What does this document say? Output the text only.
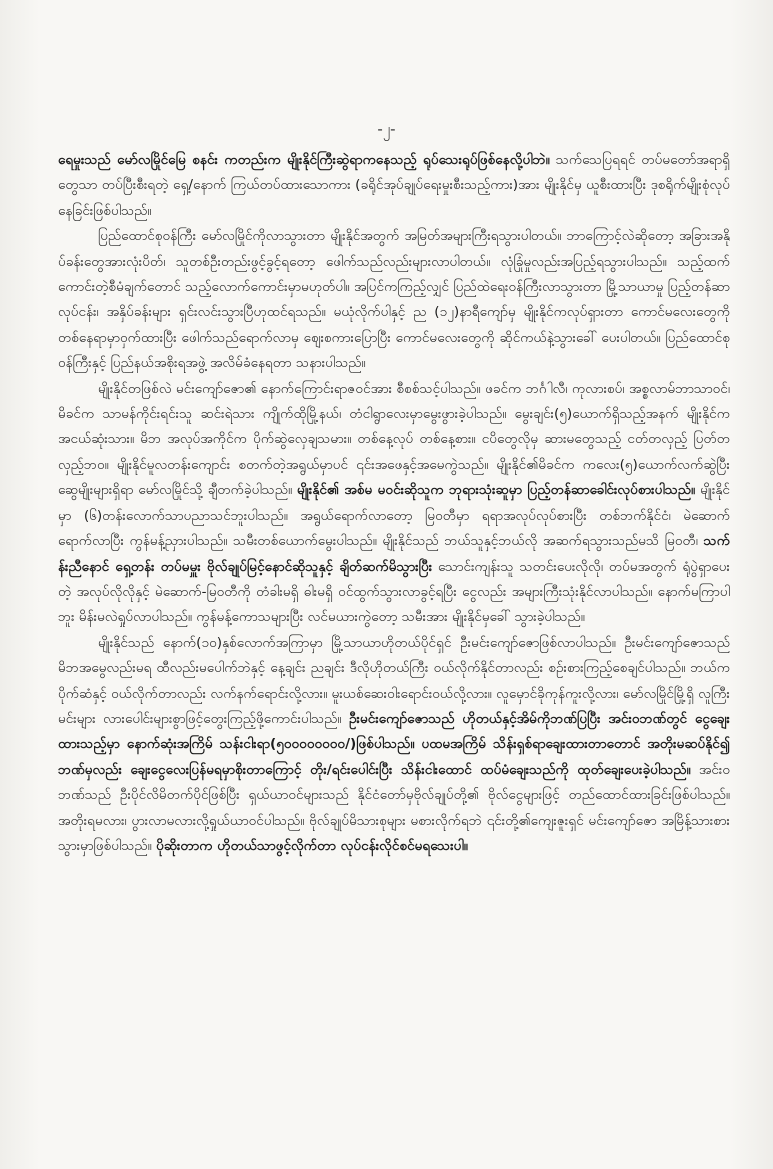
-၂-

ရေမှုးသည် မော်လမြိုင်မြေ စနင်း ကတည်းက မျိုးနိုင်ကြီးဆွဲရာကနေသည့် ရုပ်သေးရုပ်ဖြစ်နေလို့ပါဘဲ။ သက်သေပြရရင် တပ်မတော်အရာရှိတွေသာ တပ်ပြီးစီးရတဲ့ ရှေ့/နောက် ကြယ်တပ်ထားသောကား (ခရိုင်အုပ်ချုပ်ရေးမှုးစီးသည့်ကား)အား မျိုးနိုင်မှ ယူစီးထားပြီး ဒုစရိုက်မျိုးစုံလုပ်နေခြင်းဖြစ်ပါသည်။

ပြည်ထောင်စုဝန်ကြီး မော်လမြိုင်ကိုလာသွားတာ မျိုးနိုင်အတွက် အမြတ်အများကြီးရသွားပါတယ်။ ဘာကြောင့်လဲဆိုတော့ အခြားအနိုပ်ခန်းတွေအားလုံးပိတ်၊ သူတစ်ဦးတည်းဖွင့်ခွင့်ရတော့ ဖေါက်သည်လည်းများလာပါတယ်။ လုံခြုံမှုလည်းအပြည့်ရသွားပါသည်။ သည့်ထက်ကောင်းတဲ့စီမံချက်တောင် သည့်လောက်ကောင်းမှာမဟုတ်ပါ။ အပြင်ကကြည့်လျှင် ပြည်ထဲရေးဝန်ကြီးလာသွားတာ မြို့သာယာမှု ပြည့်တန်ဆာလုပ်ငန်း၊ အနှိပ်ခန်းများ ရှင်းလင်းသွားပြီဟုထင်ရသည်။ မယုံလိုက်ပါနှင့် ည (၁၂)နာရီကျော်မှ မျိုးနိုင်ကလုပ်ရှားတာ ကောင်မလေးတွေကို တစ်နေရာမှာဝှက်ထားပြီး ဖေါက်သည်ရောက်လာမှ ဈေးစကားပြောပြီး ကောင်မလေးတွေကို ဆိုင်ကယ်နဲ့သွားခေါ် ပေးပါတယ်။ ပြည်ထောင်စုဝန်ကြီးနှင့် ပြည်နယ်အစိုးရအဖွဲ့ အလိမ်ခံနေရတာ သနားပါသည်။

မျိုးနိုင်တဖြစ်လဲ မင်းကျော်ဇော၏ နောက်ကြောင်းရာဇဝင်အား စီစစ်သင့်ပါသည်။ ဖခင်က ဘင်္ဂါလီ၊ ကုလားစပ်၊ အစ္စလာမ်ဘာသာဝင်၊ မိခင်က သာမန်ကိုင်းရင်းသူ ဆင်းရဲသား ကျိုက်ထိုမြို့နယ်၊ တံငါရွာလေးမှာမွေးဖွားခဲ့ပါသည်။ မွေးချင်း(၅)ယောက်ရှိသည့်အနက် မျိုးနိုင်က အငယ်ဆုံးသား။ မိဘ အလုပ်အကိုင်က ပိုက်ဆွဲလှေချသမား။ တစ်နေ့လုပ် တစ်နေ့စား။ ငပိတွေလိုမှ ဆားမတွေသည့် ငတ်တလှည့် ပြတ်တလှည့်ဘဝ။ မျိုးနိုင်မူလတန်းကျောင်း စတက်တဲ့အရွယ်မှာပင် ၎င်းအဖေနှင့်အမေကွဲသည်။ မျိုးနိုင်၏မိခင်က ကလေး(၅)ယောက်လက်ဆွဲပြီး ဆွေမျိုးများရှိရာ မော်လမြိုင်သို့ ချီတက်ခဲ့ပါသည်။ မျိုးနိုင်၏ အစ်မ မဝင်းဆိုသူက ဘုရားသုံးဆူမှာ ပြည့်တန်ဆာခေါင်းလုပ်စားပါသည်။ မျိုးနိုင်မှာ (၆)တန်းလောက်သာပညာသင်ဘူးပါသည်။ အရွယ်ရောက်လာတော့ မြဝတီမှာ ရရာအလုပ်လုပ်စားပြီး တစ်ဘက်နိုင်ငံ၊ မဲဆောက်ရောက်လာပြီး ကွန်မန့်ညှားပါသည်။ သမီးတစ်ယောက်မွေးပါသည်။ မျိုးနိုင်သည် ဘယ်သူနှင့်ဘယ်လို အဆက်ရသွားသည်မသိ မြဝတီ၊ သက်န်းညီနောင် ရှေ့တန်း တပ်မမှူး ဗိုလ်ချုပ်မြင့်နောင်ဆိုသူနှင့် ချိတ်ဆက်မိသွားပြီး သောင်းကျန်းသူ သတင်းပေးလိုလို၊ တပ်မအတွက် ရုံပွဲရှာပေးတဲ့ အလုပ်လိုလိုနှင့် မဲဆောက်-မြဝတီကို တံခါးမရှိ ဓါးမရှိ ဝင်ထွက်သွားလာခွင့်ရပြီး ငွေလည်း အများကြီးသုံးနိုင်လာပါသည်။ နောက်မကြာပါဘူး မိန်းမလဲရှုပ်လာပါသည်။ ကွန်မန့်ကောသများပြီး လင်မယားကွဲတော့ သမီးအား မျိုးနိုင်မှခေါ် သွားခဲ့ပါသည်။

မျိုးနိုင်သည် နောက်(၁၀)နှစ်လောက်အကြာမှာ မြို့သာယာဟိုတယ်ပိုင်ရှင် ဦးမင်းကျော်ဇောဖြစ်လာပါသည်။ ဦးမင်းကျော်ဇောသည် မိဘအမွေလည်းမရ ထီလည်းမပေါက်ဘဲနှင့် နေ့ချင်း ညချင်း ဒီလိုဟိုတယ်ကြီး ဝယ်လိုက်နိုင်တာလည်း စဉ်းစားကြည့်စေချင်ပါသည်။ ဘယ်ကပိုက်ဆံနှင့် ဝယ်လိုက်တာလည်း လက်နက်ရောင်းလို့လား။ မူးယစ်ဆေးဝါးရောင်းဝယ်လို့လား။ လူမှောင်ခိုကုန်ကူးလို့လား၊ မော်လမြိုင်မြို့ရှိ လူကြီးမင်းများ လားပေါင်းများစွာဖြင့်တွေးကြည့်ဖို့ကောင်းပါသည်။ ဦးမင်းကျော်ဇောသည် ဟိုတယ်နှင့်အိမ်ကိုဘဏ်ပြပြီး အင်းဝဘဏ်တွင် ငွေချေးထားသည့်မှာ နောက်ဆုံးအကြိမ် သန်းငါးရာ(၅၀၀၀၀၀၀၀၀/)ဖြစ်ပါသည်။ ပထမအကြိမ် သိန်းရှစ်ရာချေးထားတာတောင် အတိုးမဆပ်နိုင်၍ ဘဏ်မှလည်း ချေးငွေလေးပြန်မရမှာစိုးတာကြောင့် တိုး/ရင်းပေါင်းပြီး သိန်းငါးထောင် ထပ်မံချေးသည်ကို ထုတ်ချေးပေးခဲ့ပါသည်။ အင်းဝဘဏ်သည် ဦးပိုင်လိမိတက်ပိုင်ဖြစ်ပြီး ရှယ်ယာဝင်များသည် နိုင်ငံတော်မှဗိုလ်ချုပ်တို့၏ ဗိုလ်ငွေများဖြင့် တည်ထောင်ထားခြင်းဖြစ်ပါသည်။ အတိုးရမလား၊ ပွားလာမလားလို့ရှုယ်ယာဝင်ပါသည်။ ဗိုလ်ချုပ်မိသားစုများ မစားလိုက်ရဘဲ ၎င်းတို့၏ကျေးဇူးရှင် မင်းကျော်ဇော အမြိန့်သားစားသွားမှာဖြစ်ပါသည်။ ပိုဆိုးတာက ဟိုတယ်သာဖွင့်လိုက်တာ လုပ်ငန်းလိုင်စင်မရသေးပါ။
